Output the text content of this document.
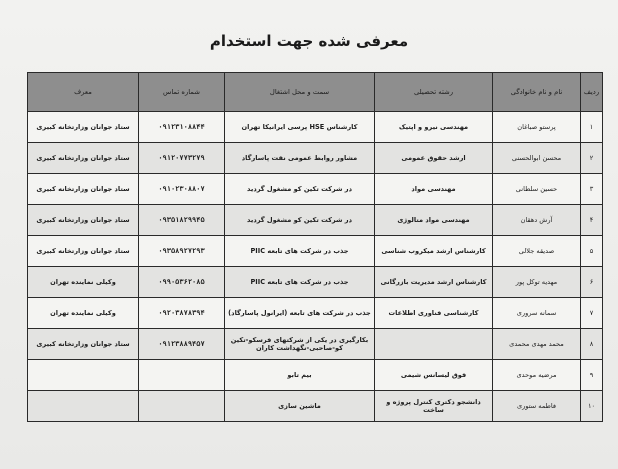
معرفی شده جهت استخدام
ردیف	نام و نام خانوادگی	رشته تحصیلی	سمت و محل اشتغال	شماره تماس	معرف
۱	پرستو صباغان	مهندسی نیرو و اپتیک	کارشناس HSE پرسی ایرانیکا تهران	۰۹۱۲۳۱۰۸۸۴۴	ستاد جوانان وزارتخانه کبیری
۲	محسن ابوالحسنی	ارشد حقوق عمومی	مشاور روابط عمومی نفت پاسارگاد	۰۹۱۲۰۷۷۳۲۷۹	ستاد جوانان وزارتخانه کبیری
۳	حسین سلطانی	مهندسی مواد	در شرکت تکین کو مشغول گردید	۰۹۱۰۲۳۰۸۸۰۷	ستاد جوانان وزارتخانه کبیری
۴	آرش دهقان	مهندسی مواد متالوژی	در شرکت تکین کو مشغول گردید	۰۹۳۵۱۸۲۹۹۴۵	ستاد جوانان وزارتخانه کبیری
۵	صدیقه جلالی	کارشناس ارشد میکروب شناسی	جذب در شرکت های تابعه PIIC	۰۹۳۵۸۹۲۷۲۹۳	ستاد جوانان وزارتخانه کبیری
۶	مهدیه توکل پور	کارشناس ارشد مدیریت بازرگانی	جذب در شرکت های تابعه PIIC	۰۹۹۰۵۳۶۲۰۸۵	وکیلی نماینده تهران
۷	سمانه سروری	کارشناسی فناوری اطلاعات	جذب در شرکت های تابعه (ایرانول پاسارگاد)	۰۹۲۰۳۸۷۸۳۹۴	وکیلی نماینده تهران
۸	محمد مهدی محمدی		بکارگیری در یکی از شرکتهای فرسکو-تکین کو-صاحبی-نگهداشت کاران	۰۹۱۲۳۸۸۹۴۵۷	ستاد جوانان وزارتخانه کبیری
۹	مرضیه موحدی	فوق لیسانس شیمی	بیم تابو		
۱۰	فاطمه ستوری	دانشجو دکتری کنترل پروژه و ساخت	ماشین سازی		
